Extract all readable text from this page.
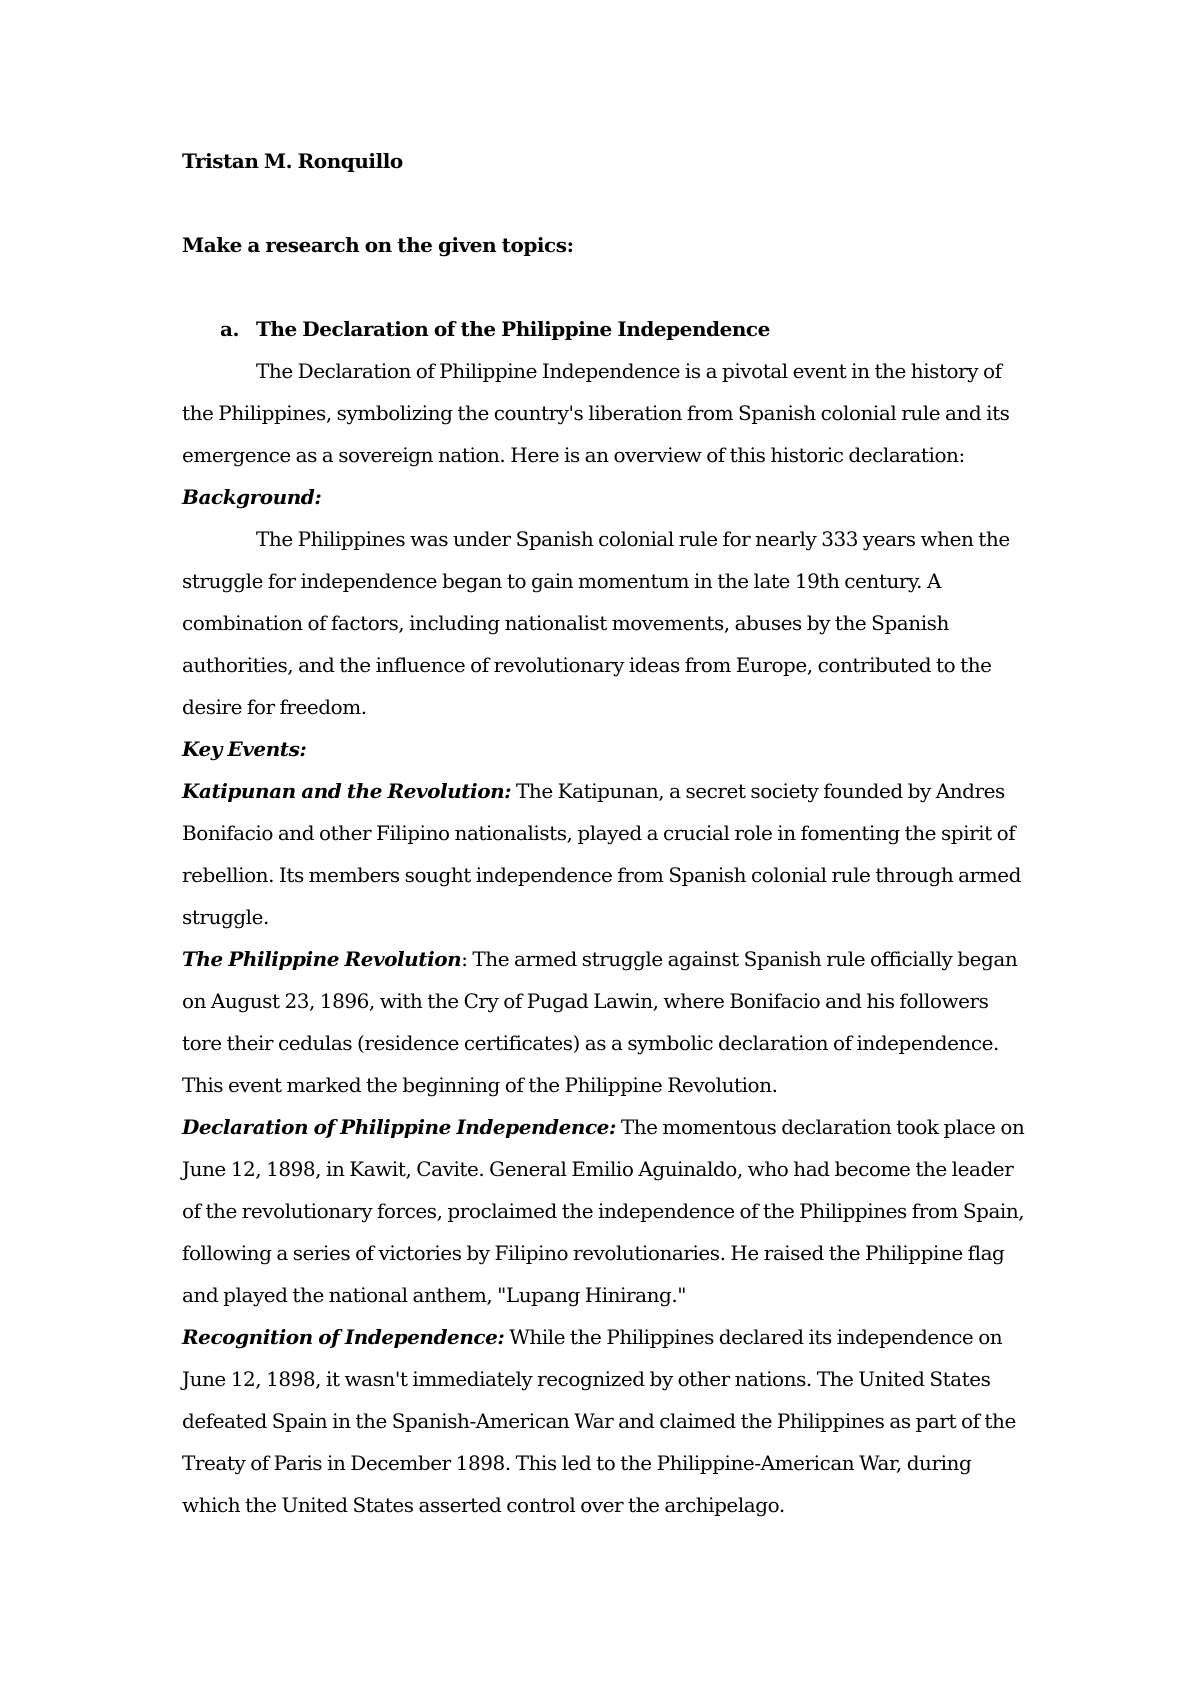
Tristan M. Ronquillo

Make a research on the given topics:

a. The Declaration of the Philippine Independence

The Declaration of Philippine Independence is a pivotal event in the history of the Philippines, symbolizing the country's liberation from Spanish colonial rule and its emergence as a sovereign nation. Here is an overview of this historic declaration:

Background:

The Philippines was under Spanish colonial rule for nearly 333 years when the struggle for independence began to gain momentum in the late 19th century. A combination of factors, including nationalist movements, abuses by the Spanish authorities, and the influence of revolutionary ideas from Europe, contributed to the desire for freedom.

Key Events:

Katipunan and the Revolution: The Katipunan, a secret society founded by Andres Bonifacio and other Filipino nationalists, played a crucial role in fomenting the spirit of rebellion. Its members sought independence from Spanish colonial rule through armed struggle.

The Philippine Revolution: The armed struggle against Spanish rule officially began on August 23, 1896, with the Cry of Pugad Lawin, where Bonifacio and his followers tore their cedulas (residence certificates) as a symbolic declaration of independence. This event marked the beginning of the Philippine Revolution.

Declaration of Philippine Independence: The momentous declaration took place on June 12, 1898, in Kawit, Cavite. General Emilio Aguinaldo, who had become the leader of the revolutionary forces, proclaimed the independence of the Philippines from Spain, following a series of victories by Filipino revolutionaries. He raised the Philippine flag and played the national anthem, "Lupang Hinirang."

Recognition of Independence: While the Philippines declared its independence on June 12, 1898, it wasn't immediately recognized by other nations. The United States defeated Spain in the Spanish-American War and claimed the Philippines as part of the Treaty of Paris in December 1898. This led to the Philippine-American War, during which the United States asserted control over the archipelago.
